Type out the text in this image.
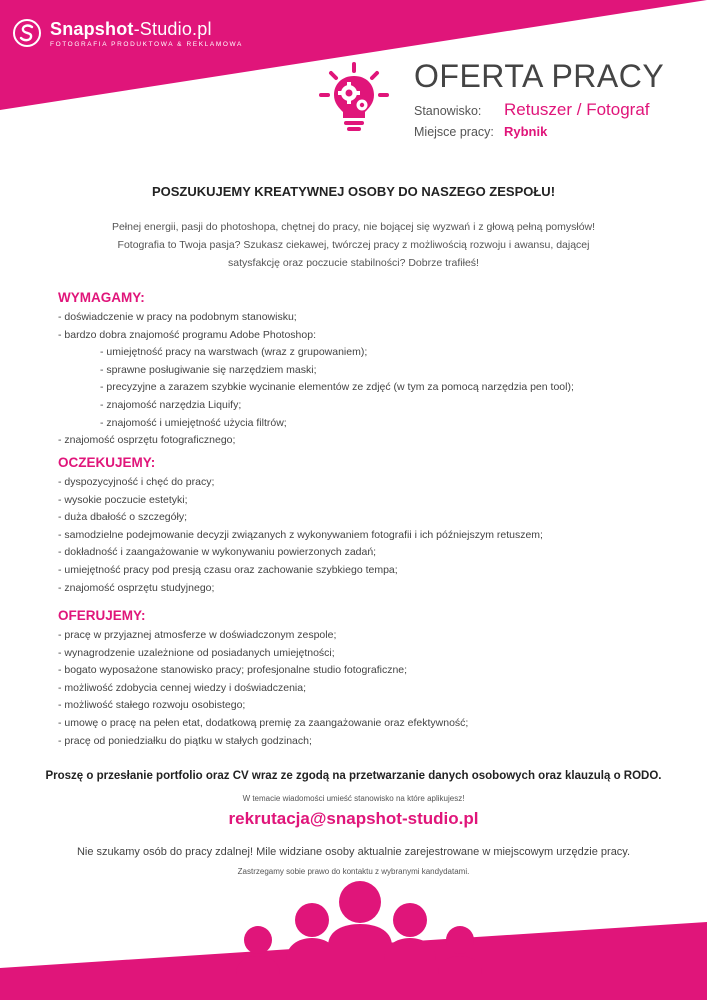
Snapshot-Studio.pl
FOTOGRAFIA PRODUKTOWA & REKLAMOWA
OFERTA PRACY
Stanowisko:	Retuszer / Fotograf
Miejsce pracy: Rybnik
POSZUKUJEMY KREATYWNEJ OSOBY DO NASZEGO ZESPOŁU!
Pełnej energii, pasji do photoshopa, chętnej do pracy, nie bojącej się wyzwań i z głową pełną pomysłów!
Fotografia to Twoja pasja? Szukasz ciekawej, twórczej pracy z możliwością rozwoju i awansu, dającej
satysfakcję oraz poczucie stabilności? Dobrze trafiłeś!
WYMAGAMY:
- doświadczenie w pracy na podobnym stanowisku;
- bardzo dobra znajomość programu Adobe Photoshop:
- umiejętność pracy na warstwach (wraz z grupowaniem);
- sprawne posługiwanie się narzędziem maski;
- precyzyjne a zarazem szybkie wycinanie elementów ze zdjęć (w tym za pomocą narzędzia pen tool);
- znajomość narzędzia Liquify;
- znajomość i umiejętność użycia filtrów;
- znajomość osprzętu fotograficznego;
OCZEKUJEMY:
- dyspozycyjność i chęć do pracy;
- wysokie poczucie estetyki;
- duża dbałość o szczegóły;
- samodzielne podejmowanie decyzji związanych z wykonywaniem fotografii i ich późniejszym retuszem;
- dokładność i zaangażowanie w wykonywaniu powierzonych zadań;
- umiejętność pracy pod presją czasu oraz zachowanie szybkiego tempa;
- znajomość osprzętu studyjnego;
OFERUJEMY:
- pracę w przyjaznej atmosferze w doświadczonym zespole;
- wynagrodzenie uzależnione od posiadanych umiejętności;
- bogato wyposażone stanowisko pracy; profesjonalne studio fotograficzne;
- możliwość zdobycia cennej wiedzy i doświadczenia;
- możliwość stałego rozwoju osobistego;
- umowę o pracę na pełen etat, dodatkową premię za zaangażowanie oraz efektywność;
- pracę od poniedziałku do piątku w stałych godzinach;
Proszę o przesłanie portfolio oraz CV wraz ze zgodą na przetwarzanie danych osobowych oraz klauzulą o RODO.
W temacie wiadomości umieść stanowisko na które aplikujesz!
rekrutacja@snapshot-studio.pl
Nie szukamy osób do pracy zdalnej! Mile widziane osoby aktualnie zarejestrowane w miejscowym urzędzie pracy.
Zastrzegamy sobie prawo do kontaktu z wybranymi kandydatami.
